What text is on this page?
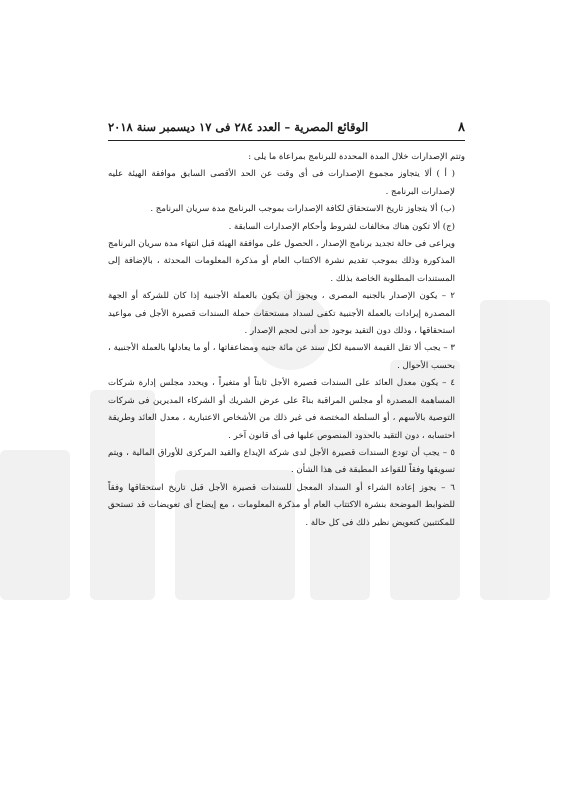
٨
الوقائع المصرية – العدد ٢٨٤ فى ١٧ ديسمبر سنة ٢٠١٨

وتتم الإصدارات خلال المدة المحددة للبرنامج بمراعاة ما يلى :

( أ ) ألا يتجاوز مجموع الإصدارات فى أى وقت عن الحد الأقصى السابق موافقة الهيئة عليه لإصدارات البرنامج .

(ب) ألا يتجاوز تاريخ الاستحقاق لكافة الإصدارات بموجب البرنامج مدة سريان البرنامج .

(ج) ألا تكون هناك مخالفات لشروط وأحكام الإصدارات السابقة .

ويراعى فى حالة تجديد برنامج الإصدار ، الحصول على موافقة الهيئة قبل انتهاء مدة سريان البرنامج المذكورة وذلك بموجب تقديم نشرة الاكتتاب العام أو مذكرة المعلومات المحدثة ، بالإضافة إلى المستندات المطلوبة الخاصة بذلك .

٢ – يكون الإصدار بالجنيه المصرى ، ويجوز أن يكون بالعملة الأجنبية إذا كان للشركة أو الجهة المصدرة إيرادات بالعملة الأجنبية تكفى لسداد مستحقات حملة السندات قصيرة الأجل فى مواعيد استحقاقها ، وذلك دون التقيد بوجود حد أدنى لحجم الإصدار .

٣ – يجب ألا تقل القيمة الاسمية لكل سند عن مائة جنيه ومضاعفاتها ، أو ما يعادلها بالعملة الأجنبية ، بحسب الأحوال .

٤ – يكون معدل العائد على السندات قصيرة الأجل ثابتاً أو متغيراً ، ويحدد مجلس إدارة شركات المساهمة المصدرة أو مجلس المراقبة بناءً على عرض الشريك أو الشركاء المديرين فى شركات التوصية بالأسهم ، أو السلطة المختصة فى غير ذلك من الأشخاص الاعتبارية ، معدل العائد وطريقة احتسابه ، دون التقيد بالحدود المنصوص عليها فى أى قانون آخر .

٥ – يجب أن تودع السندات قصيرة الأجل لدى شركة الإيداع والقيد المركزى للأوراق المالية ، ويتم تسويقها وفقاً للقواعد المطبقة فى هذا الشأن .

٦ – يجوز إعادة الشراء أو السداد المعجل للسندات قصيرة الأجل قبل تاريخ استحقاقها وفقاً للضوابط الموضحة بنشرة الاكتتاب العام أو مذكرة المعلومات ، مع إيضاح أى تعويضات قد تستحق للمكتتبين كتعويض نظير ذلك فى كل حالة .
